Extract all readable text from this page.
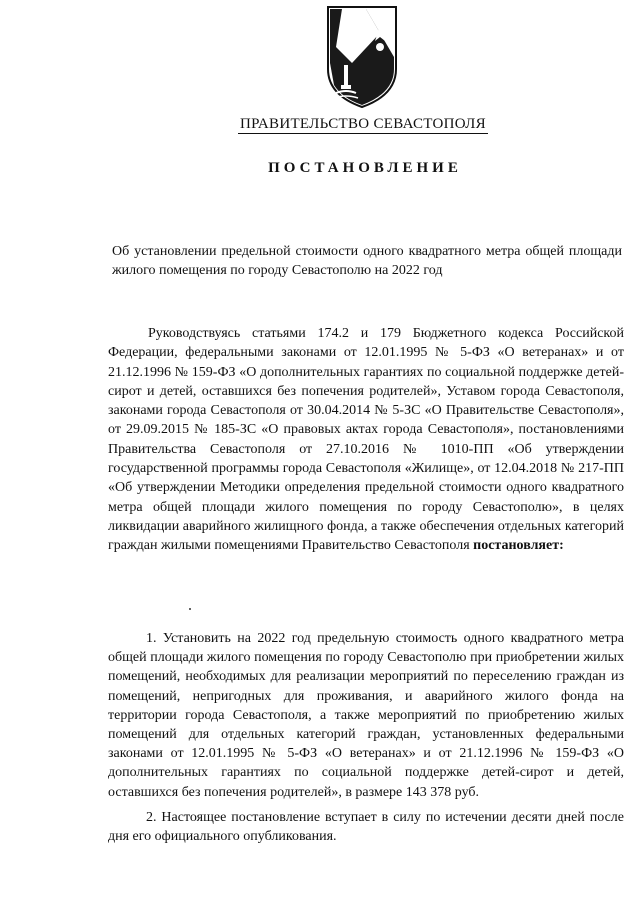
ПРАВИТЕЛЬСТВО СЕВАСТОПОЛЯ
ПОСТАНОВЛЕНИЕ
Об установлении предельной стоимости одного квадратного метра общей площади жилого помещения по городу Севастополю на 2022 год
Руководствуясь статьями 174.2 и 179 Бюджетного кодекса Российской Федерации, федеральными законами от 12.01.1995 № 5-ФЗ «О ветеранах» и от 21.12.1996 № 159-ФЗ «О дополнительных гарантиях по социальной поддержке детей-сирот и детей, оставшихся без попечения родителей», Уставом города Севастополя, законами города Севастополя от 30.04.2014 № 5-ЗС «О Правительстве Севастополя», от 29.09.2015 № 185-ЗС «О правовых актах города Севастополя», постановлениями Правительства Севастополя от 27.10.2016 № 1010-ПП «Об утверждении государственной программы города Севастополя «Жилище», от 12.04.2018 № 217-ПП «Об утверждении Методики определения предельной стоимости одного квадратного метра общей площади жилого помещения по городу Севастополю», в целях ликвидации аварийного жилищного фонда, а также обеспечения отдельных категорий граждан жилыми помещениями Правительство Севастополя постановляет:
1. Установить на 2022 год предельную стоимость одного квадратного метра общей площади жилого помещения по городу Севастополю при приобретении жилых помещений, необходимых для реализации мероприятий по переселению граждан из помещений, непригодных для проживания, и аварийного жилого фонда на территории города Севастополя, а также мероприятий по приобретению жилых помещений для отдельных категорий граждан, установленных федеральными законами от 12.01.1995 № 5-ФЗ «О ветеранах» и от 21.12.1996 № 159-ФЗ «О дополнительных гарантиях по социальной поддержке детей-сирот и детей, оставшихся без попечения родителей», в размере 143 378 руб.
2. Настоящее постановление вступает в силу по истечении десяти дней после дня его официального опубликования.
